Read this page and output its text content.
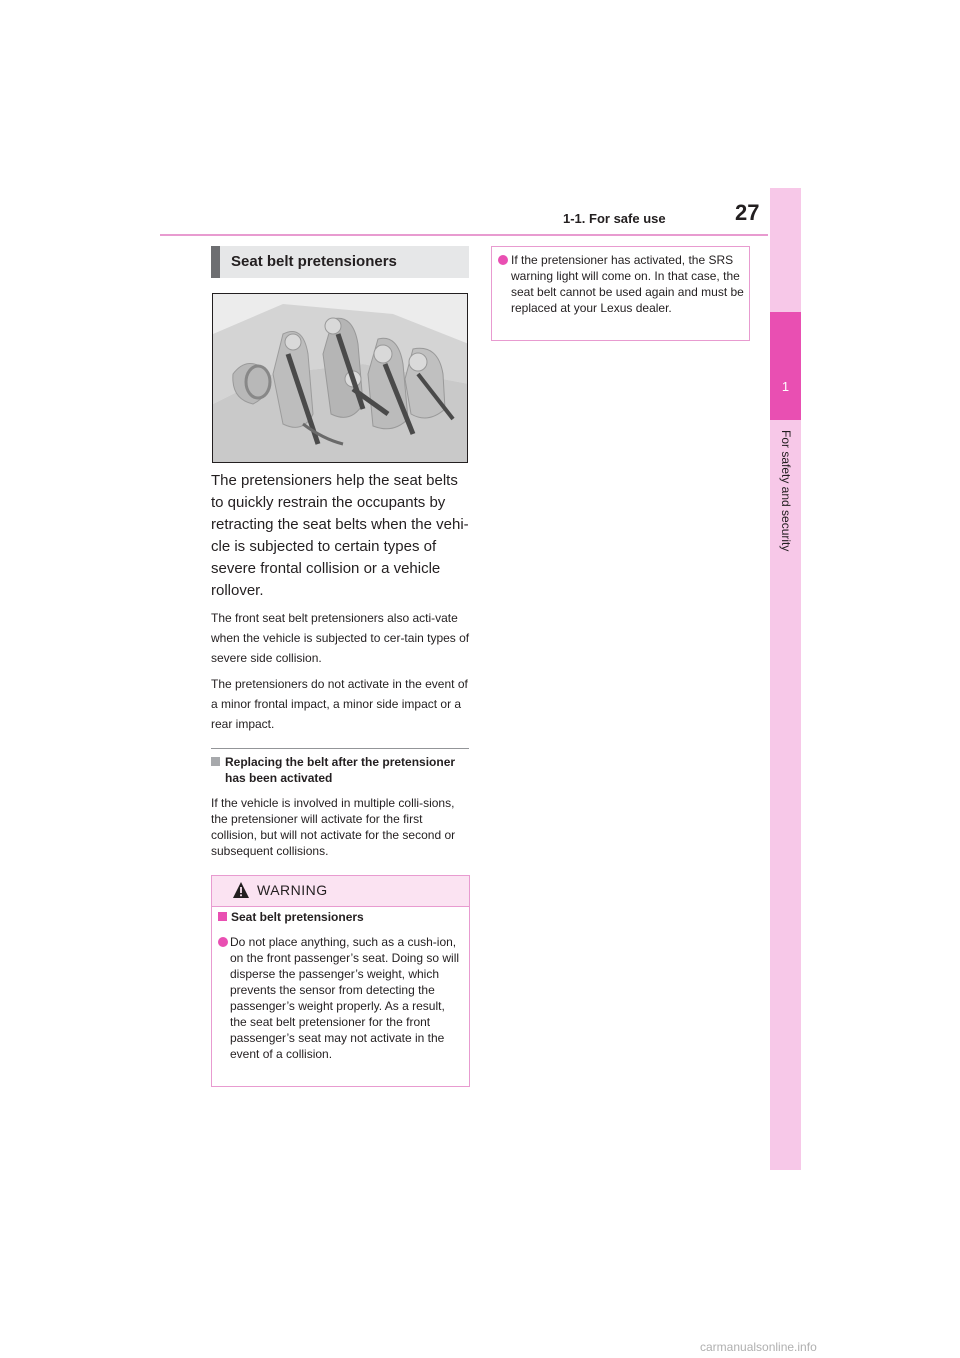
1-1. For safe use	27
1
For safety and security
Seat belt pretensioners
The pretensioners help the seat belts to quickly restrain the occupants by retracting the seat belts when the vehi-cle is subjected to certain types of severe frontal collision or a vehicle rollover.
The front seat belt pretensioners also acti-vate when the vehicle is subjected to cer-tain types of severe side collision.
The pretensioners do not activate in the event of a minor frontal impact, a minor side impact or a rear impact.
Replacing the belt after the pretensioner has been activated
If the vehicle is involved in multiple colli-sions, the pretensioner will activate for the first collision, but will not activate for the second or subsequent collisions.
WARNING
Seat belt pretensioners
Do not place anything, such as a cush-ion, on the front passenger’s seat. Doing so will disperse the passenger’s weight, which prevents the sensor from detecting the passenger’s weight properly. As a result, the seat belt pretensioner for the front passenger’s seat may not activate in the event of a collision.
If the pretensioner has activated, the SRS warning light will come on. In that case, the seat belt cannot be used again and must be replaced at your Lexus dealer.
carmanualsonline.info
